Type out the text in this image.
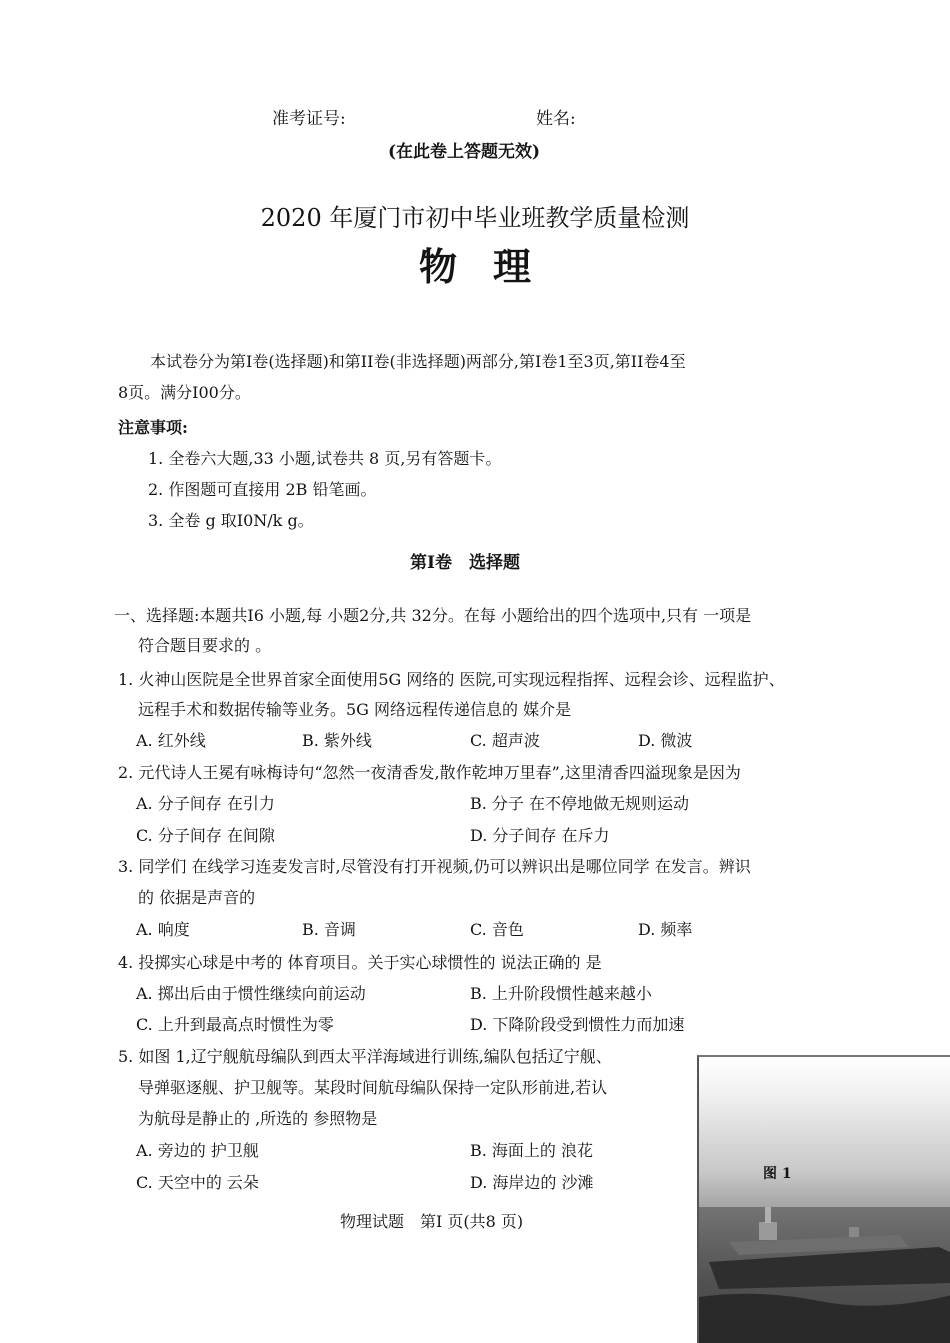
准考证号:	姓名:
(在此卷上答题无效)
2020 年厦门市初中毕业班教学质量检测
物理
本试卷分为第Ⅰ卷(选择题)和第ⅠⅠ卷(非选择题)两部分,第Ⅰ卷1至3页,第ⅠⅠ卷4至
8页。满分Ⅰ00分。
注意事项:
1. 全卷六大题,33 小题,试卷共 8 页,另有答题卡。
2. 作图题可直接用 2B 铅笔画。
3. 全卷 g 取Ⅰ0N/k g。
第Ⅰ卷　选择题
一、选择题:本题共Ⅰ6 小题,每 小题2分,共 32分。在每 小题给出的四个选项中,只有 一项是
符合题目要求的 。
1. 火神山医院是全世界首家全面使用5G 网络的 医院,可实现远程指挥、远程会诊、远程监护、
远程手术和数据传输等业务。5G 网络远程传递信息的 媒介是
A. 红外线	B. 紫外线	C. 超声波	D. 微波
2. 元代诗人王冕有咏梅诗句“忽然一夜清香发,散作乾坤万里春”,这里清香四溢现象是因为
A. 分子间存 在引力	B. 分子 在不停地做无规则运动
C. 分子间存 在间隙	D. 分子间存 在斥力
3. 同学们 在线学习连麦发言时,尽管没有打开视频,仍可以辨识出是哪位同学 在发言。辨识
的 依据是声音的
A. 响度	B. 音调	C. 音色	D. 频率
4. 投掷实心球是中考的 体育项目。关于实心球惯性的 说法正确的 是
A. 掷出后由于惯性继续向前运动	B. 上升阶段惯性越来越小
C. 上升到最高点时惯性为零	D. 下降阶段受到惯性力而加速
5. 如图 1,辽宁舰航母编队到西太平洋海域进行训练,编队包括辽宁舰、
导弹驱逐舰、护卫舰等。某段时间航母编队保持一定队形前进,若认
为航母是静止的 ,所选的 参照物是
A. 旁边的 护卫舰	B. 海面上的 浪花
C. 天空中的 云朵	D. 海岸边的 沙滩	图 1
物理试题　第Ⅰ 页(共8 页)
